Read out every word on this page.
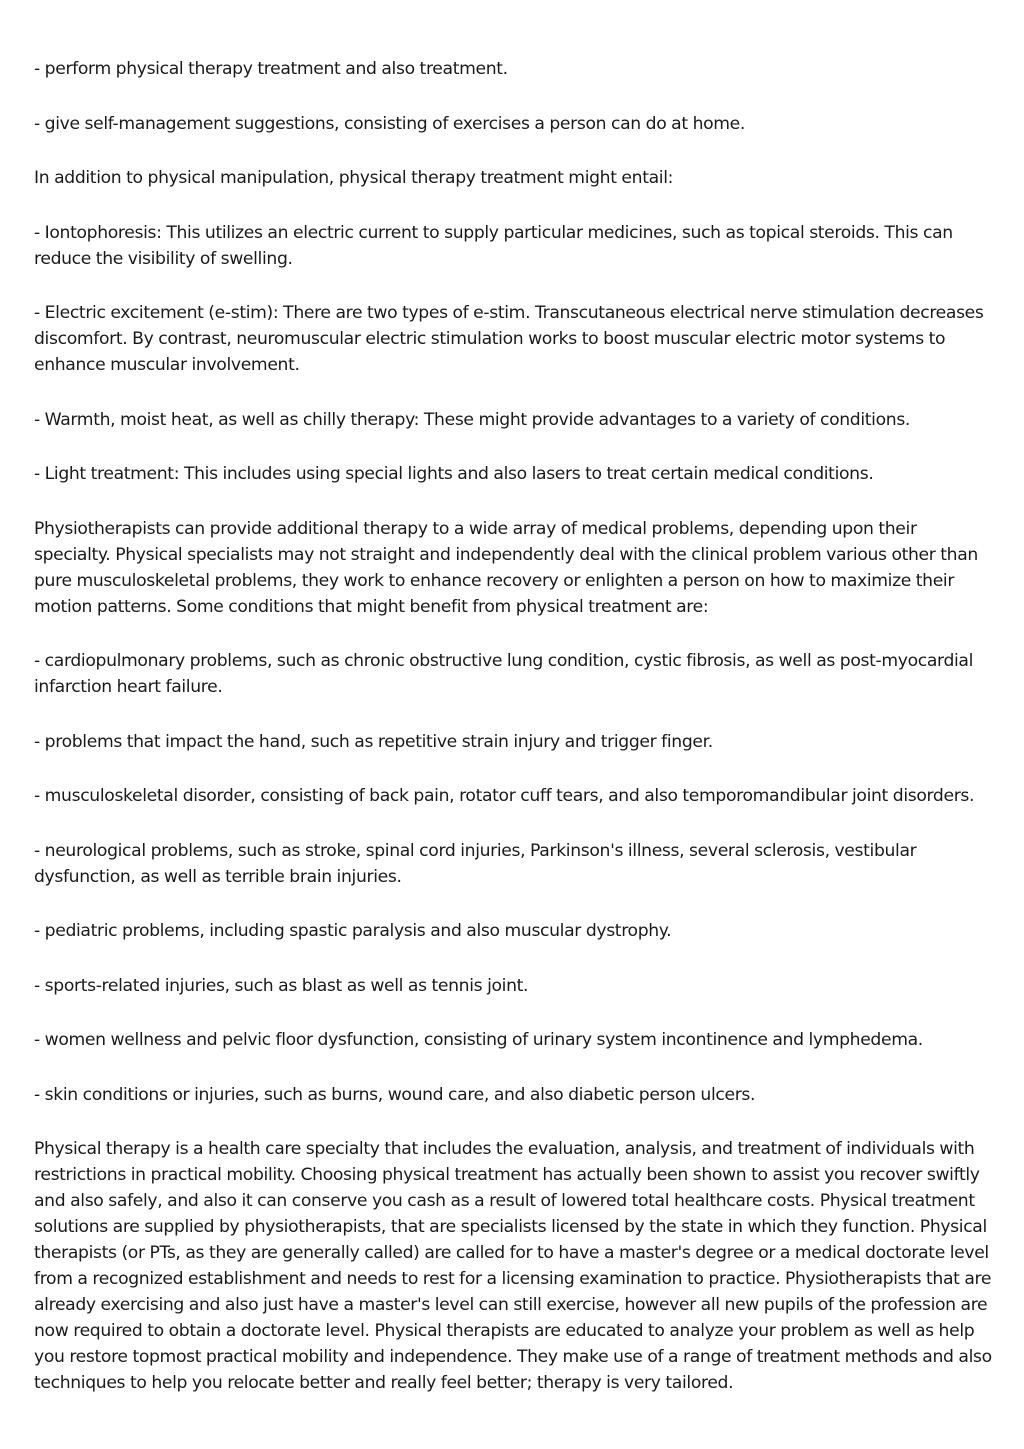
- perform physical therapy treatment and also treatment.

- give self-management suggestions, consisting of exercises a person can do at home.

In addition to physical manipulation, physical therapy treatment might entail:

- Iontophoresis: This utilizes an electric current to supply particular medicines, such as topical steroids. This can reduce the visibility of swelling.

- Electric excitement (e-stim): There are two types of e-stim. Transcutaneous electrical nerve stimulation decreases discomfort. By contrast, neuromuscular electric stimulation works to boost muscular electric motor systems to enhance muscular involvement.

- Warmth, moist heat, as well as chilly therapy: These might provide advantages to a variety of conditions.

- Light treatment: This includes using special lights and also lasers to treat certain medical conditions.

Physiotherapists can provide additional therapy to a wide array of medical problems, depending upon their specialty. Physical specialists may not straight and independently deal with the clinical problem various other than pure musculoskeletal problems, they work to enhance recovery or enlighten a person on how to maximize their motion patterns. Some conditions that might benefit from physical treatment are:

- cardiopulmonary problems, such as chronic obstructive lung condition, cystic fibrosis, as well as post-myocardial infarction heart failure.

- problems that impact the hand, such as repetitive strain injury and trigger finger.

- musculoskeletal disorder, consisting of back pain, rotator cuff tears, and also temporomandibular joint disorders.

- neurological problems, such as stroke, spinal cord injuries, Parkinson's illness, several sclerosis, vestibular dysfunction, as well as terrible brain injuries.

- pediatric problems, including spastic paralysis and also muscular dystrophy.

- sports-related injuries, such as blast as well as tennis joint.

- women wellness and pelvic floor dysfunction, consisting of urinary system incontinence and lymphedema.

- skin conditions or injuries, such as burns, wound care, and also diabetic person ulcers.

Physical therapy is a health care specialty that includes the evaluation, analysis, and treatment of individuals with restrictions in practical mobility. Choosing physical treatment has actually been shown to assist you recover swiftly and also safely, and also it can conserve you cash as a result of lowered total healthcare costs. Physical treatment solutions are supplied by physiotherapists, that are specialists licensed by the state in which they function. Physical therapists (or PTs, as they are generally called) are called for to have a master's degree or a medical doctorate level from a recognized establishment and needs to rest for a licensing examination to practice. Physiotherapists that are already exercising and also just have a master's level can still exercise, however all new pupils of the profession are now required to obtain a doctorate level. Physical therapists are educated to analyze your problem as well as help you restore topmost practical mobility and independence. They make use of a range of treatment methods and also techniques to help you relocate better and really feel better; therapy is very tailored.
